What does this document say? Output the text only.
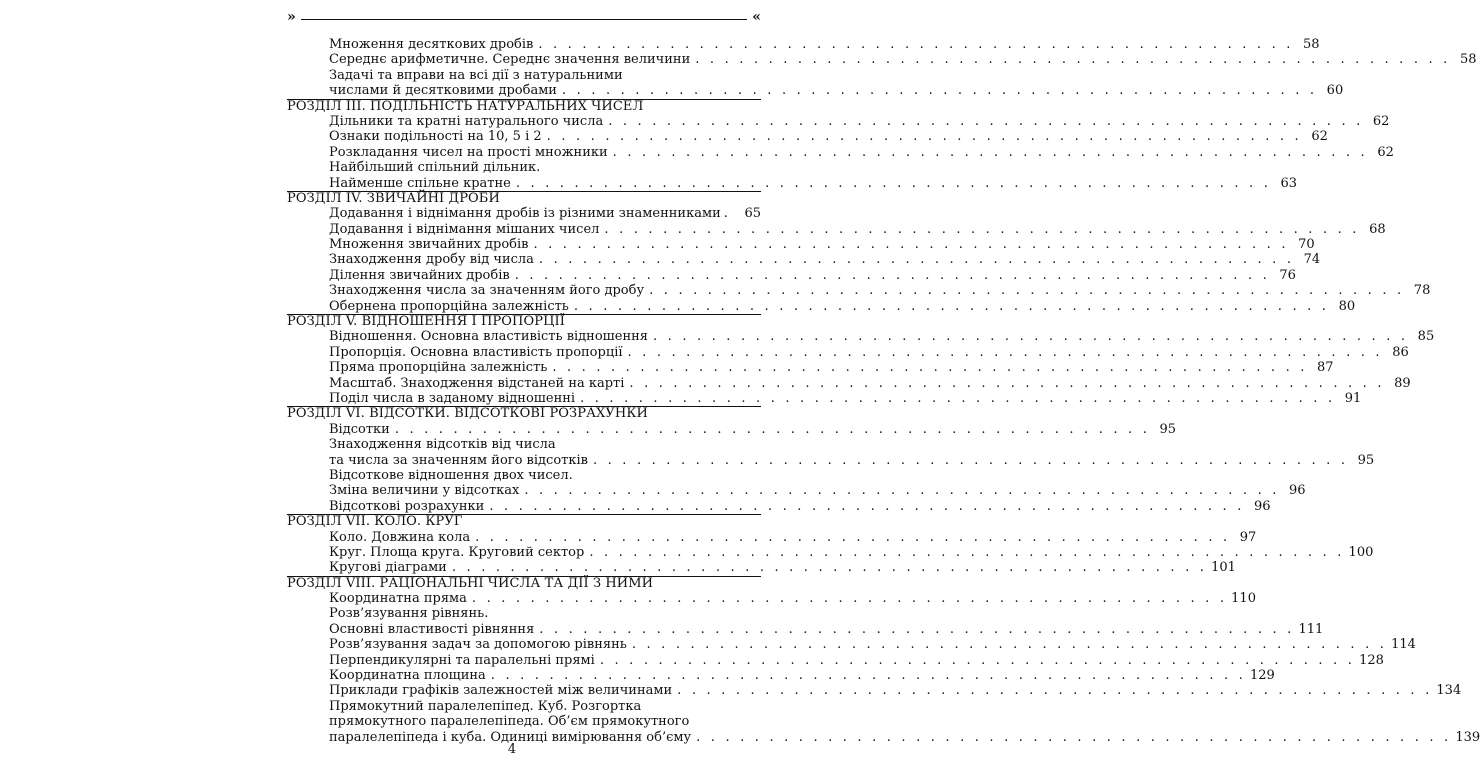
»	«
Множення десяткових дробів . . . . . . . . . . . . . . . . . . . . . . . . . . . . . . . . . . . . . . . . . . . . . . . . . . . . 58
Середнє арифметичне. Середнє значення величини . . . . . . . . . . . . . . . . . . . . . . . . . . . . . . . . . . . . . . . . . . . . . . . . . . . . 58
Задачі та вправи на всі дії з натуральними
числами й десятковими дробами . . . . . . . . . . . . . . . . . . . . . . . . . . . . . . . . . . . . . . . . . . . . . . . . . . . . 60
РОЗДІЛ ІІІ. ПОДІЛЬНІСТЬ НАТУРАЛЬНИХ ЧИСЕЛ
Дільники та кратні натурального числа . . . . . . . . . . . . . . . . . . . . . . . . . . . . . . . . . . . . . . . . . . . . . . . . . . . . 62
Ознаки подільності на 10, 5 і 2 . . . . . . . . . . . . . . . . . . . . . . . . . . . . . . . . . . . . . . . . . . . . . . . . . . . . 62
Розкладання чисел на прості множники . . . . . . . . . . . . . . . . . . . . . . . . . . . . . . . . . . . . . . . . . . . . . . . . . . . . 62
Найбільший спільний дільник.
Найменше спільне кратне . . . . . . . . . . . . . . . . . . . . . . . . . . . . . . . . . . . . . . . . . . . . . . . . . . . . 63
РОЗДІЛ IV. ЗВИЧАЙНІ ДРОБИ
Додавання і віднімання дробів із різними знаменниками .	65
Додавання і віднімання мішаних чисел . . . . . . . . . . . . . . . . . . . . . . . . . . . . . . . . . . . . . . . . . . . . . . . . . . . . 68
Множення звичайних дробів . . . . . . . . . . . . . . . . . . . . . . . . . . . . . . . . . . . . . . . . . . . . . . . . . . . . 70
Знаходження дробу від числа . . . . . . . . . . . . . . . . . . . . . . . . . . . . . . . . . . . . . . . . . . . . . . . . . . . . 74
Ділення звичайних дробів . . . . . . . . . . . . . . . . . . . . . . . . . . . . . . . . . . . . . . . . . . . . . . . . . . . . 76
Знаходження числа за значенням його дробу . . . . . . . . . . . . . . . . . . . . . . . . . . . . . . . . . . . . . . . . . . . . . . . . . . . . 78
Обернена пропорційна залежність . . . . . . . . . . . . . . . . . . . . . . . . . . . . . . . . . . . . . . . . . . . . . . . . . . . . 80
РОЗДІЛ V. ВІДНОШЕННЯ І ПРОПОРЦІЇ
Відношення. Основна властивість відношення . . . . . . . . . . . . . . . . . . . . . . . . . . . . . . . . . . . . . . . . . . . . . . . . . . . . 85
Пропорція. Основна властивість пропорції . . . . . . . . . . . . . . . . . . . . . . . . . . . . . . . . . . . . . . . . . . . . . . . . . . . . 86
Пряма пропорційна залежність . . . . . . . . . . . . . . . . . . . . . . . . . . . . . . . . . . . . . . . . . . . . . . . . . . . . 87
Масштаб. Знаходження відстаней на карті . . . . . . . . . . . . . . . . . . . . . . . . . . . . . . . . . . . . . . . . . . . . . . . . . . . . 89
Поділ числа в заданому відношенні . . . . . . . . . . . . . . . . . . . . . . . . . . . . . . . . . . . . . . . . . . . . . . . . . . . . 91
РОЗДІЛ VI. ВІДСОТКИ. ВІДСОТКОВІ РОЗРАХУНКИ
Відсотки . . . . . . . . . . . . . . . . . . . . . . . . . . . . . . . . . . . . . . . . . . . . . . . . . . . . 95
Знаходження відсотків від числа
та числа за значенням його відсотків . . . . . . . . . . . . . . . . . . . . . . . . . . . . . . . . . . . . . . . . . . . . . . . . . . . . 95
Відсоткове відношення двох чисел.
Зміна величини у відсотках . . . . . . . . . . . . . . . . . . . . . . . . . . . . . . . . . . . . . . . . . . . . . . . . . . . . 96
Відсоткові розрахунки . . . . . . . . . . . . . . . . . . . . . . . . . . . . . . . . . . . . . . . . . . . . . . . . . . . . 96
РОЗДІЛ VII. КОЛО. КРУГ
Коло. Довжина кола . . . . . . . . . . . . . . . . . . . . . . . . . . . . . . . . . . . . . . . . . . . . . . . . . . . . 97
Круг. Площа круга. Круговий сектор . . . . . . . . . . . . . . . . . . . . . . . . . . . . . . . . . . . . . . . . . . . . . . . . . . . . 100
Кругові діаграми . . . . . . . . . . . . . . . . . . . . . . . . . . . . . . . . . . . . . . . . . . . . . . . . . . . . 101
РОЗДІЛ VIII. РАЦІОНАЛЬНІ ЧИСЛА ТА ДІЇ З НИМИ
Координатна пряма . . . . . . . . . . . . . . . . . . . . . . . . . . . . . . . . . . . . . . . . . . . . . . . . . . . . 110
Розв’язування рівнянь.
Основні властивості рівняння . . . . . . . . . . . . . . . . . . . . . . . . . . . . . . . . . . . . . . . . . . . . . . . . . . . . 111
Розв’язування задач за допомогою рівнянь . . . . . . . . . . . . . . . . . . . . . . . . . . . . . . . . . . . . . . . . . . . . . . . . . . . . 114
Перпендикулярні та паралельні прямі . . . . . . . . . . . . . . . . . . . . . . . . . . . . . . . . . . . . . . . . . . . . . . . . . . . . 128
Координатна площина . . . . . . . . . . . . . . . . . . . . . . . . . . . . . . . . . . . . . . . . . . . . . . . . . . . . 129
Приклади графіків залежностей між величинами . . . . . . . . . . . . . . . . . . . . . . . . . . . . . . . . . . . . . . . . . . . . . . . . . . . . 134
Прямокутний паралелепіпед. Куб. Розгортка
прямокутного паралелепіпеда. Об’єм прямокутного
паралелепіпеда і куба. Одиниці вимірювання об’єму . . . . . . . . . . . . . . . . . . . . . . . . . . . . . . . . . . . . . . . . . . . . . . . . . . . . 139
4
